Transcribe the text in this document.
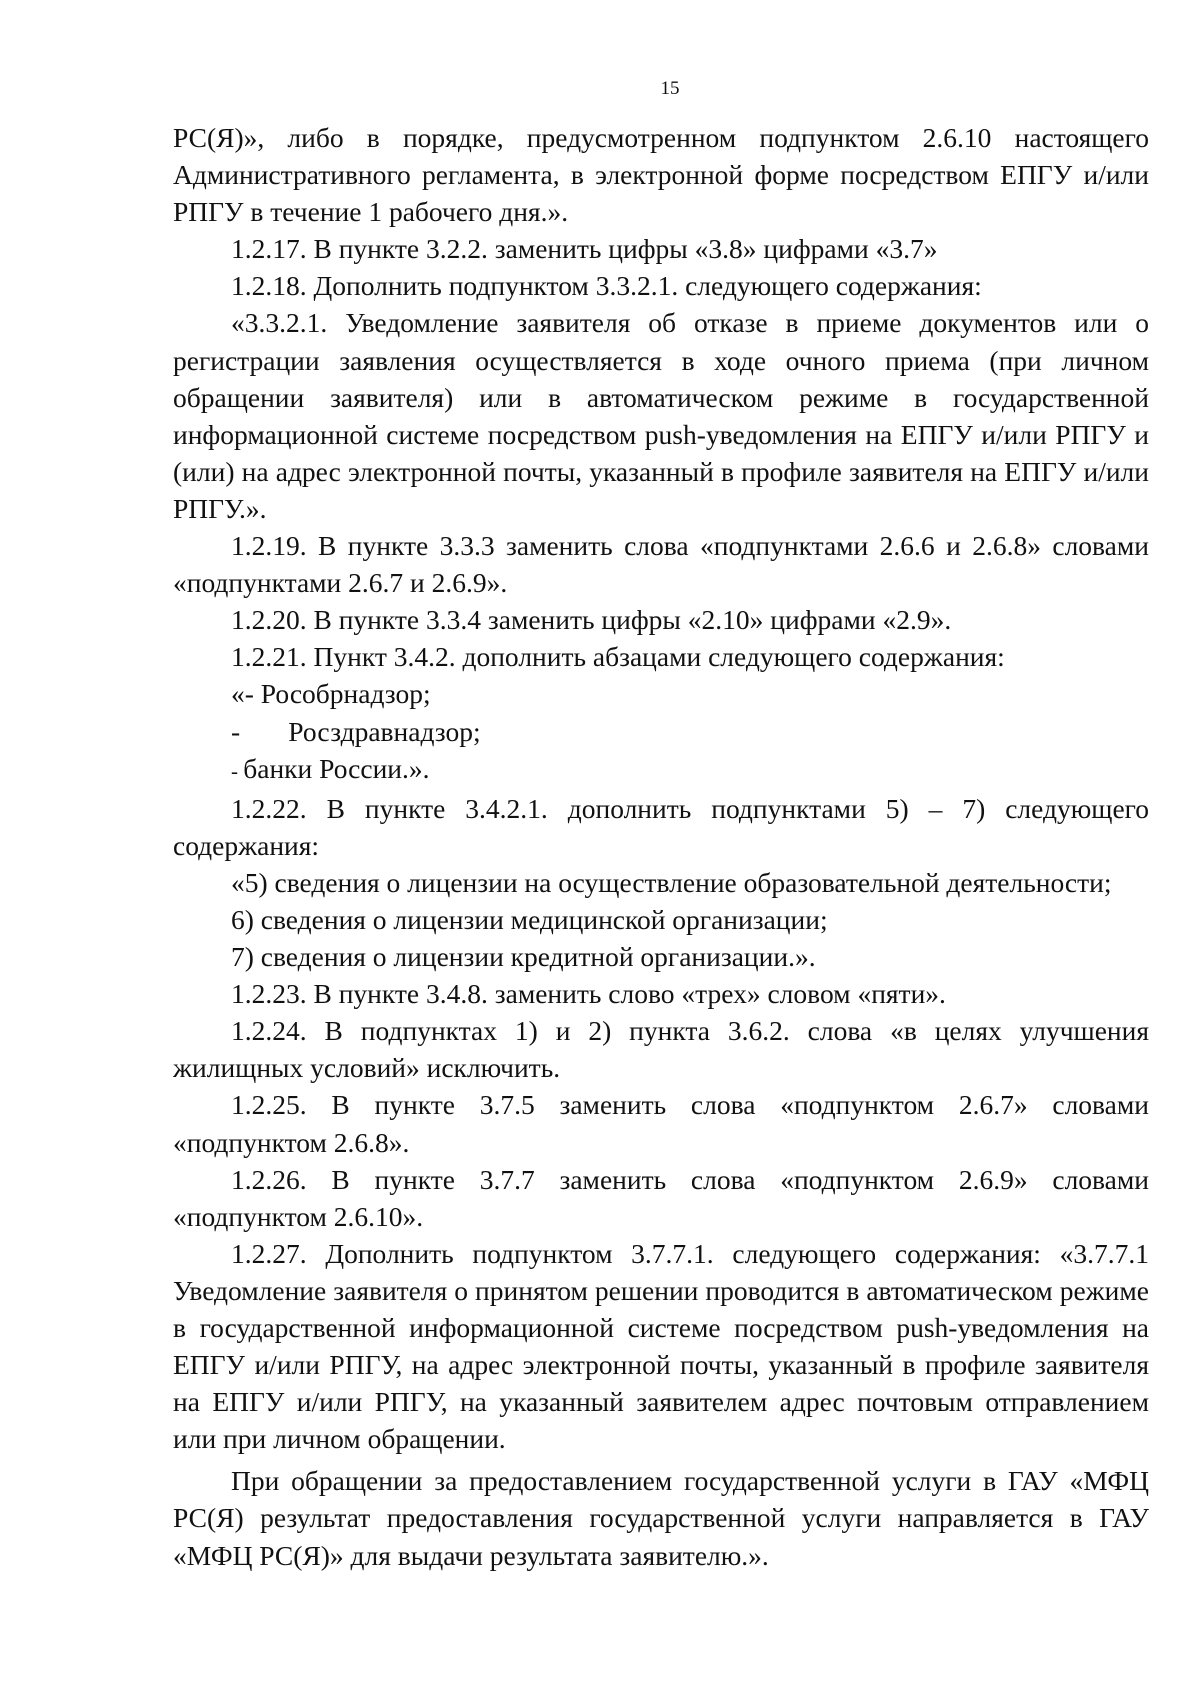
15

РС(Я)», либо в порядке, предусмотренном подпунктом 2.6.10 настоящего Административного регламента, в электронной форме посредством ЕПГУ и/или РПГУ в течение 1 рабочего дня.».

1.2.17. В пункте 3.2.2. заменить цифры «3.8» цифрами «3.7»

1.2.18. Дополнить подпунктом 3.3.2.1. следующего содержания:

«3.3.2.1. Уведомление заявителя об отказе в приеме документов или о регистрации заявления осуществляется в ходе очного приема (при личном обращении заявителя) или в автоматическом режиме в государственной информационной системе посредством push-уведомления на ЕПГУ и/или РПГУ и (или) на адрес электронной почты, указанный в профиле заявителя на ЕПГУ и/или РПГУ.».

1.2.19. В пункте 3.3.3 заменить слова «подпунктами 2.6.6 и 2.6.8» словами «подпунктами 2.6.7 и 2.6.9».

1.2.20. В пункте 3.3.4 заменить цифры «2.10» цифрами «2.9».

1.2.21. Пункт 3.4.2. дополнить абзацами следующего содержания:

«- Рособрнадзор;

-       Росздравнадзор;

- банки России.».

1.2.22. В пункте 3.4.2.1. дополнить подпунктами 5) – 7) следующего содержания:

«5) сведения о лицензии на осуществление образовательной деятельности;

6) сведения о лицензии медицинской организации;

7) сведения о лицензии кредитной организации.».

1.2.23. В пункте 3.4.8. заменить слово «трех» словом «пяти».

1.2.24. В подпунктах 1) и 2) пункта 3.6.2. слова «в целях улучшения жилищных условий» исключить.

1.2.25. В пункте 3.7.5 заменить слова «подпунктом 2.6.7» словами «подпунктом 2.6.8».

1.2.26. В пункте 3.7.7 заменить слова «подпунктом 2.6.9» словами «подпунктом 2.6.10».

1.2.27. Дополнить подпунктом 3.7.7.1. следующего содержания: «3.7.7.1 Уведомление заявителя о принятом решении проводится в автоматическом режиме в государственной информационной системе посредством push-уведомления на ЕПГУ и/или РПГУ, на адрес электронной почты, указанный в профиле заявителя на ЕПГУ и/или РПГУ, на указанный заявителем адрес почтовым отправлением или при личном обращении.

При обращении за предоставлением государственной услуги в ГАУ «МФЦ РС(Я) результат предоставления государственной услуги направляется в ГАУ «МФЦ РС(Я)» для выдачи результата заявителю.».
